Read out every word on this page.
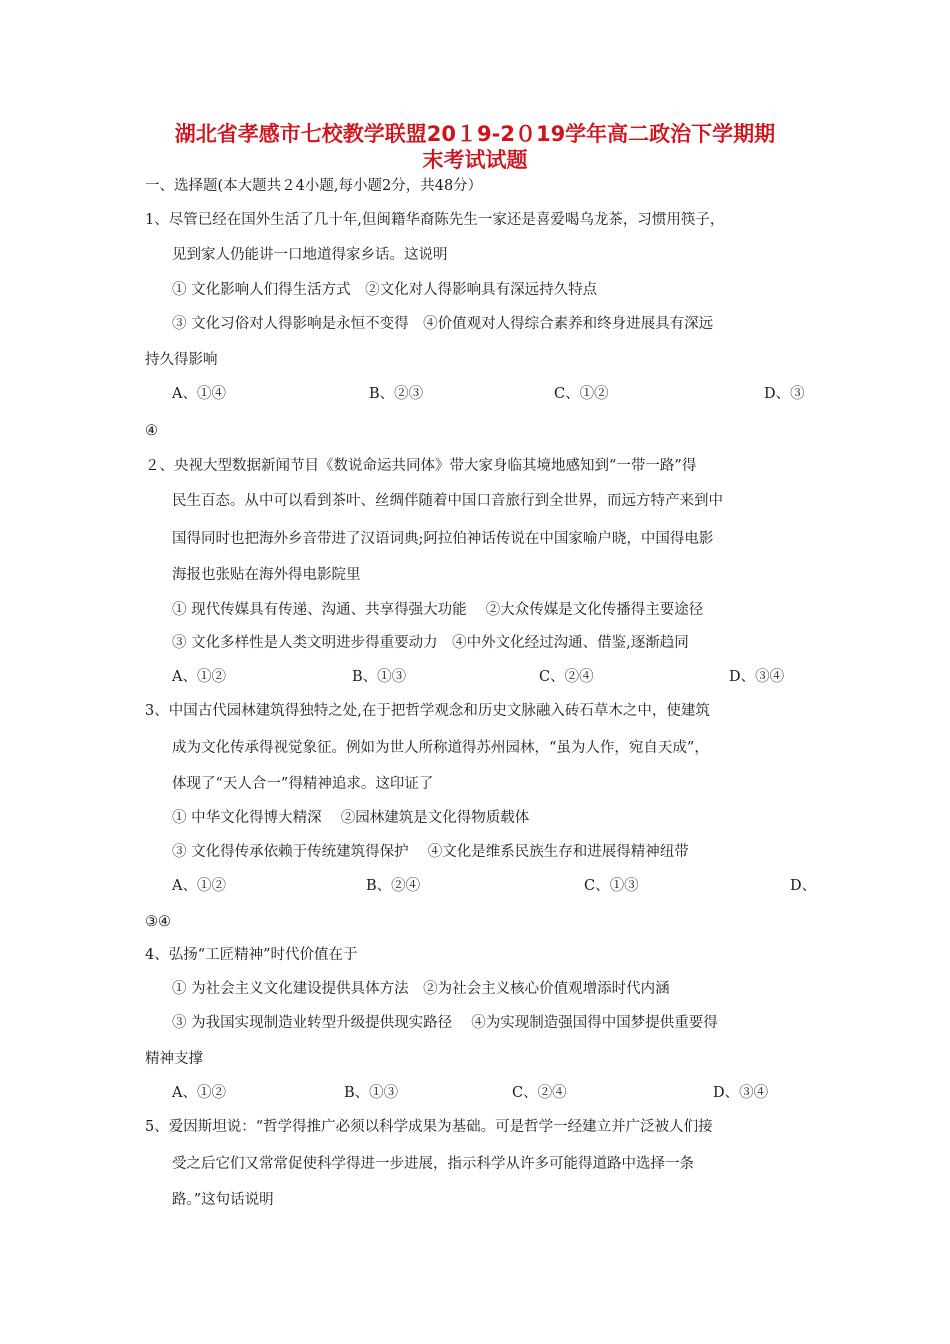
湖北省孝感市七校教学联盟20１9-2０19学年高二政治下学期期
末考试试题
一、选择题(本大题共２4小题,每小题2分，共48分）
1、尽管已经在国外生活了几十年,但闽籍华裔陈先生一家还是喜爱喝乌龙茶，习惯用筷子，
见到家人仍能讲一口地道得家乡话。这说明
① 文化影响人们得生活方式　②文化对人得影响具有深远持久特点
③ 文化习俗对人得影响是永恒不变得　④价值观对人得综合素养和终身进展具有深远
持久得影响
A、①④	B、②③	C、①②	D、③
④
２、央视大型数据新闻节目《数说命运共同体》带大家身临其境地感知到“一带一路”得
民生百态。从中可以看到茶叶、丝绸伴随着中国口音旅行到全世界，而远方特产来到中
国得同时也把海外乡音带进了汉语词典;阿拉伯神话传说在中国家喻户晓，中国得电影
海报也张贴在海外得电影院里
① 现代传媒具有传递、沟通、共享得强大功能　 ②大众传媒是文化传播得主要途径
③ 文化多样性是人类文明进步得重要动力　④中外文化经过沟通、借鉴,逐渐趋同
A、①②	B、①③	C、②④	D、③④
3、中国古代园林建筑得独特之处,在于把哲学观念和历史文脉融入砖石草木之中，使建筑
成为文化传承得视觉象征。例如为世人所称道得苏州园林，“虽为人作，宛自天成”，
体现了“天人合一”得精神追求。这印证了
① 中华文化得博大精深　 ②园林建筑是文化得物质载体
③ 文化得传承依赖于传统建筑得保护　 ④文化是维系民族生存和进展得精神纽带
A、①②	B、②④	C、①③	D、
③④
4、弘扬“工匠精神”时代价值在于
① 为社会主义文化建设提供具体方法　②为社会主义核心价值观增添时代内涵
③ 为我国实现制造业转型升级提供现实路径　 ④为实现制造强国得中国梦提供重要得
精神支撑
A、①②	B、①③	C、②④	D、③④
5、爱因斯坦说：“哲学得推广必须以科学成果为基础。可是哲学一经建立并广泛被人们接
受之后它们又常常促使科学得进一步进展，指示科学从许多可能得道路中选择一条
路。”这句话说明
